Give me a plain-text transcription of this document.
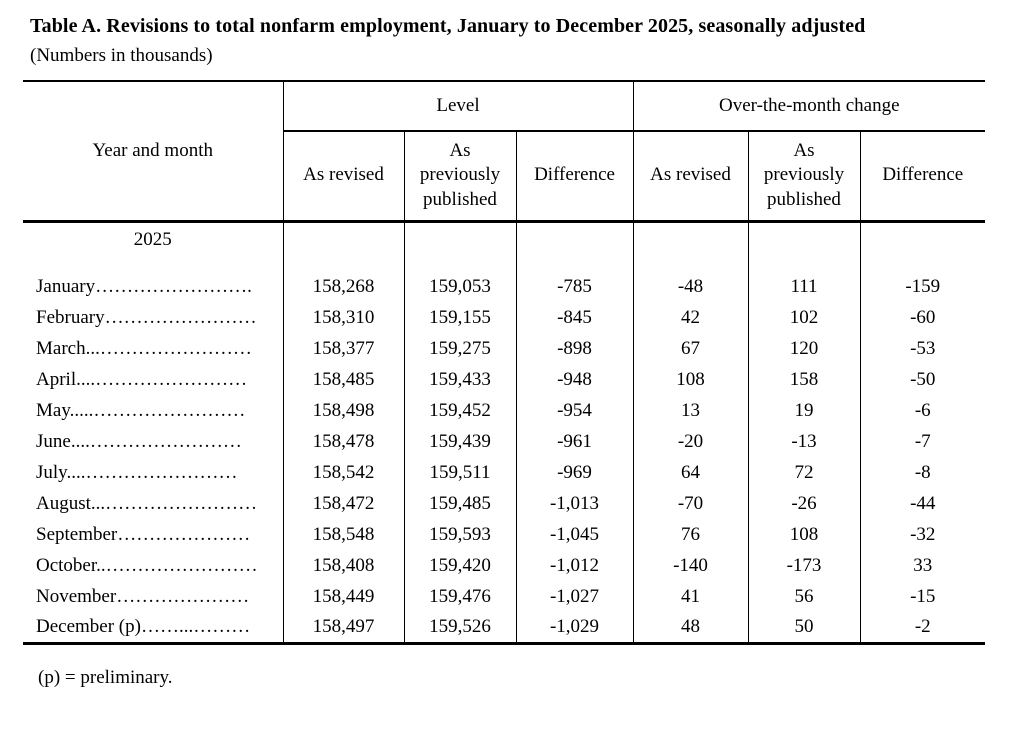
Table A. Revisions to total nonfarm employment, January to December 2025, seasonally adjusted
(Numbers in thousands)
Year and month	Level			Over-the-month change		
	As revised	As previously published	Difference	As revised	As previously published	Difference
2025						
January…………………….	158,268	159,053	-785	-48	111	-159
February……………………	158,310	159,155	-845	42	102	-60
March...……………………	158,377	159,275	-898	67	120	-53
April....……………………	158,485	159,433	-948	108	158	-50
May.....……………………	158,498	159,452	-954	13	19	-6
June....……………………	158,478	159,439	-961	-20	-13	-7
July....……………………	158,542	159,511	-969	64	72	-8
August...……………………	158,472	159,485	-1,013	-70	-26	-44
September…………………	158,548	159,593	-1,045	76	108	-32
October..……………………	158,408	159,420	-1,012	-140	-173	33
November…………………	158,449	159,476	-1,027	41	56	-15
December (p)……...………	158,497	159,526	-1,029	48	50	-2
(p) = preliminary.
